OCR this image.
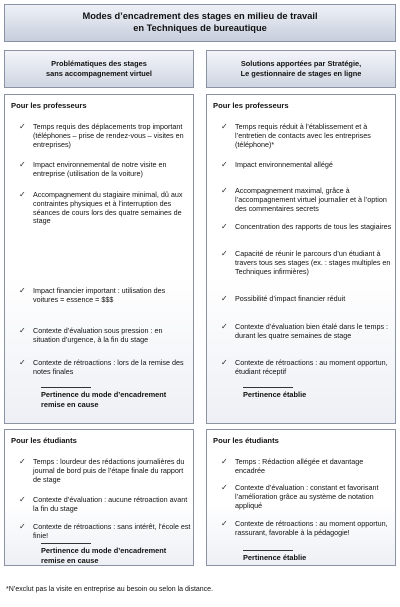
Modes d’encadrement des stages en milieu de travail
en Techniques de bureautique
Problématiques des stages
sans accompagnement virtuel
Solutions apportées par Stratégie,
Le gestionnaire de stages en ligne
Pour les professeurs
✓ Temps requis des déplacements trop important (téléphones – prise de rendez-vous – visites en entreprises)
✓ Impact environnemental de notre visite en entreprise (utilisation de la voiture)
✓ Accompagnement du stagiaire minimal, dû aux contraintes physiques et à l’interruption des séances de cours lors des quatre semaines de stage
✓ Impact financier important : utilisation des voitures = essence = $$$
✓ Contexte d’évaluation sous pression : en situation d’urgence, à la fin du stage
✓ Contexte de rétroactions : lors de la remise des notes finales
Pertinence du mode d’encadrement
remise en cause
Pour les professeurs
✓ Temps requis réduit à l’établissement et à l’entretien de contacts avec les entreprises (téléphone)*
✓ Impact environnemental allégé
✓ Accompagnement maximal, grâce à l’accompagnement virtuel journalier et à l’option des commentaires secrets
✓ Concentration des rapports de tous les stagiaires
✓ Capacité de réunir le parcours d’un étudiant à travers tous ses stages (ex. : stages multiples en Techniques infirmières)
✓ Possibilité d’impact financier réduit
✓ Contexte d’évaluation bien étalé dans le temps : durant les quatre semaines de stage
✓ Contexte de rétroactions : au moment opportun, étudiant réceptif
Pertinence établie
Pour les étudiants
✓ Temps : lourdeur des rédactions journalières du journal de bord puis de l’étape finale du rapport de stage
✓ Contexte d’évaluation : aucune rétroaction avant la fin du stage
✓ Contexte de rétroactions : sans intérêt, l’école est finie!
Pertinence du mode d’encadrement
remise en cause
Pour les étudiants
✓ Temps : Rédaction allégée et davantage encadrée
✓ Contexte d’évaluation : constant et favorisant l’amélioration grâce au système de notation appliqué
✓ Contexte de rétroactions : au moment opportun, rassurant, favorable à la pédagogie!
Pertinence établie
*N’exclut pas la visite en entreprise au besoin ou selon la distance.
